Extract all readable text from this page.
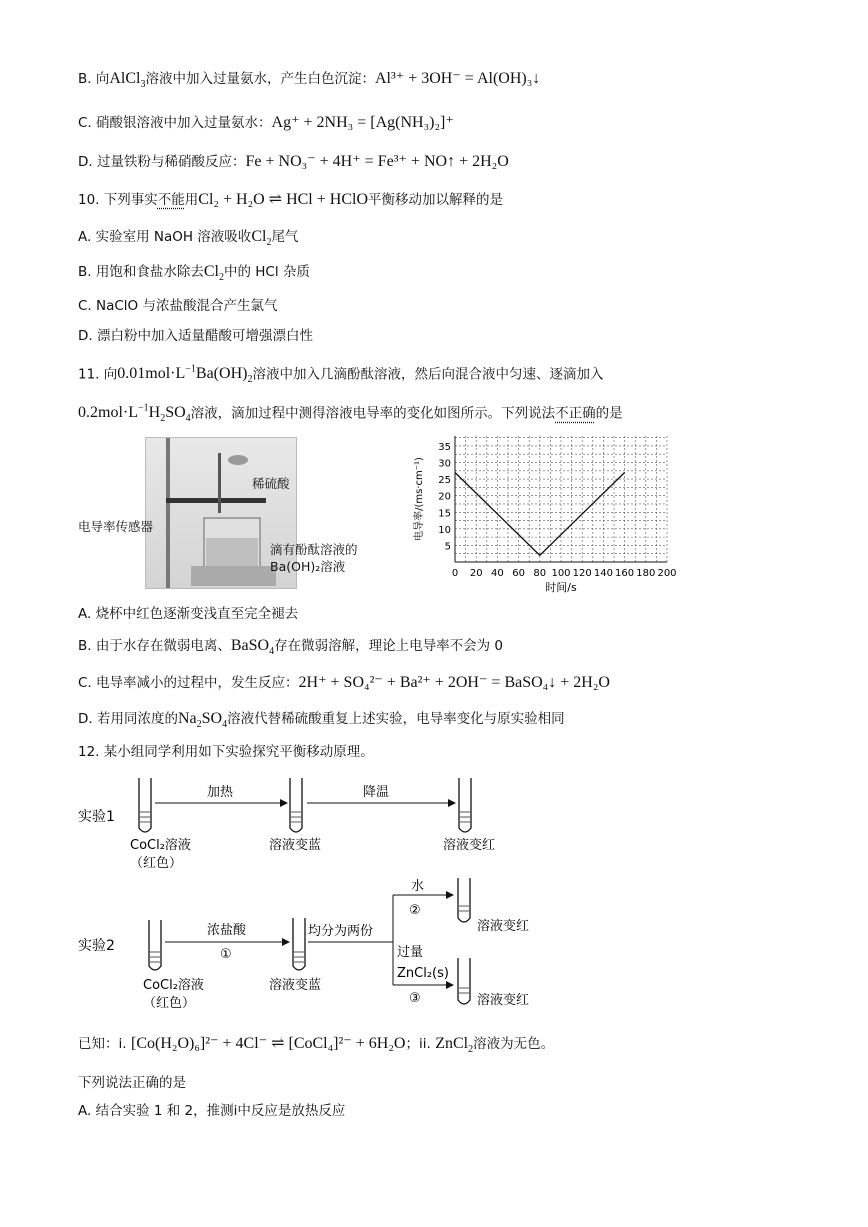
B. 向AlCl$_3$溶液中加入过量氨水，产生白色沉淀：Al³⁺ + 3OH⁻ = Al(OH)₃↓
C. 硝酸银溶液中加入过量氨水：Ag⁺ + 2NH₃ = [Ag(NH₃)₂]⁺
D. 过量铁粉与稀硝酸反应：Fe + NO₃⁻ + 4H⁺ = Fe³⁺ + NO↑ + 2H₂O
10. 下列事实不能用Cl₂ + H₂O ⇌ HCl + HClO平衡移动加以解释的是
A. 实验室用 NaOH 溶液吸收$Cl_2$尾气
B. 用饱和食盐水除去$Cl_2$中的 HCl 杂质
C. NaClO 与浓盐酸混合产生氯气
D. 漂白粉中加入适量醋酸可增强漂白性
11. 向$0.01mol\cdot L^{-1}Ba(OH)_2$溶液中加入几滴酚酞溶液，然后向混合液中匀速、逐滴加入
$0.2mol\cdot L^{-1}H_2SO_4$溶液，滴加过程中测得溶液电导率的变化如图所示。下列说法不正确的是
稀硫酸
电导率传感器
滴有酚酞溶液的
Ba(OH)₂溶液	0 20 40 60 80 100 120 140 160 180 200
5
10
15
20
25
30
35
时间/s
电导率/(ms·cm⁻¹)
A. 烧杯中红色逐渐变浅直至完全褪去
B. 由于水存在微弱电离、BaSO$_4$存在微弱溶解，理论上电导率不会为 0
C. 电导率减小的过程中，发生反应：2H⁺ + SO₄²⁻ + Ba²⁺ + 2OH⁻ = BaSO₄↓ + 2H₂O
D. 若用同浓度的$Na_2SO_4$溶液代替稀硫酸重复上述实验，电导率变化与原实验相同
12. 某小组同学利用如下实验探究平衡移动原理。
实验1
加热	降温
CoCl₂溶液
（红色）
溶液变蓝	溶液变红
实验2
浓盐酸
①
均分为两份
水
②
过量
ZnCl₂(s)
③
溶液变红
溶液变红
CoCl₂溶液
（红色）
溶液变蓝
已知：i. [Co(H₂O)₆]²⁻ + 4Cl⁻ ⇌ [CoCl₄]²⁻ + 6H₂O；ii. ZnCl$_2$溶液为无色。
下列说法正确的是
A. 结合实验 1 和 2，推测i中反应是放热反应
